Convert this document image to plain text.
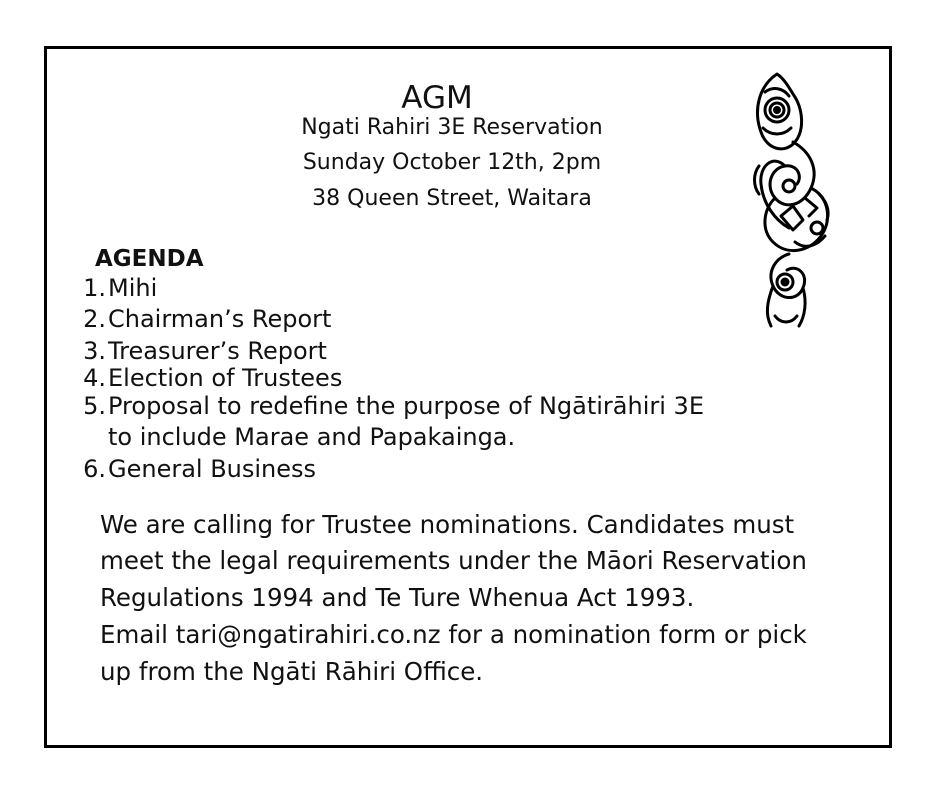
AGM
Ngati Rahiri 3E Reservation
Sunday October 12th, 2pm
38 Queen Street, Waitara
AGENDA
1.Mihi
2.Chairman’s Report
3.Treasurer’s Report
4.Election of Trustees
5.Proposal to redefine the purpose of Ngātirāhiri 3E
to include Marae and Papakainga.
6.General Business
We are calling for Trustee nominations. Candidates must
meet the legal requirements under the Māori Reservation
Regulations 1994 and Te Ture Whenua Act 1993.
Email tari@ngatirahiri.co.nz for a nomination form or pick
up from the Ngāti Rāhiri Office.
